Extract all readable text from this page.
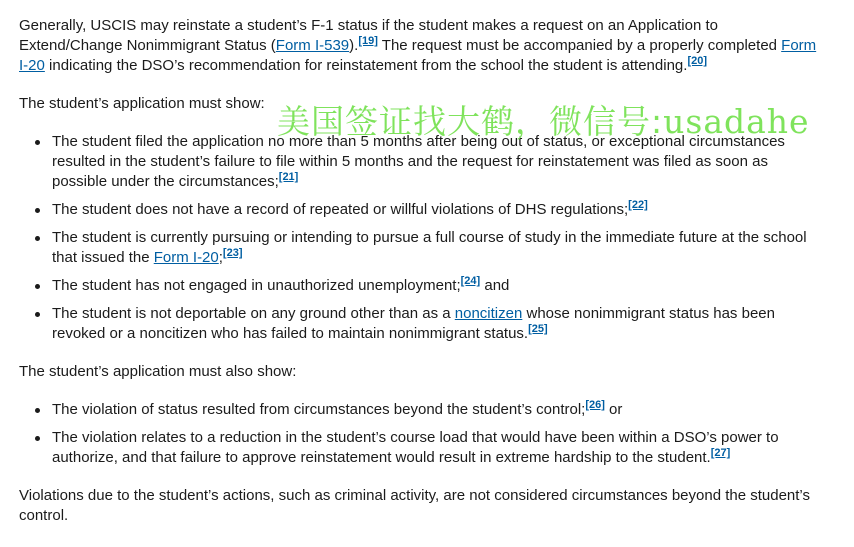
Generally, USCIS may reinstate a student’s F-1 status if the student makes a request on an Application to Extend/Change Nonimmigrant Status (Form I-539).[19] The request must be accompanied by a properly completed Form I-20 indicating the DSO’s recommendation for reinstatement from the school the student is attending.[20]

The student’s application must show:

The student filed the application no more than 5 months after being out of status, or exceptional circumstances resulted in the student’s failure to file within 5 months and the request for reinstatement was filed as soon as possible under the circumstances;[21]
The student does not have a record of repeated or willful violations of DHS regulations;[22]
The student is currently pursuing or intending to pursue a full course of study in the immediate future at the school that issued the Form I-20;[23]
The student has not engaged in unauthorized unemployment;[24] and
The student is not deportable on any ground other than as a noncitizen whose nonimmigrant status has been revoked or a noncitizen who has failed to maintain nonimmigrant status.[25]

The student’s application must also show:

The violation of status resulted from circumstances beyond the student’s control;[26] or
The violation relates to a reduction in the student’s course load that would have been within a DSO’s power to authorize, and that failure to approve reinstatement would result in extreme hardship to the student.[27]

Violations due to the student’s actions, such as criminal activity, are not considered circumstances beyond the student’s control.

美国签证找大鹤，微信号:usadahe
